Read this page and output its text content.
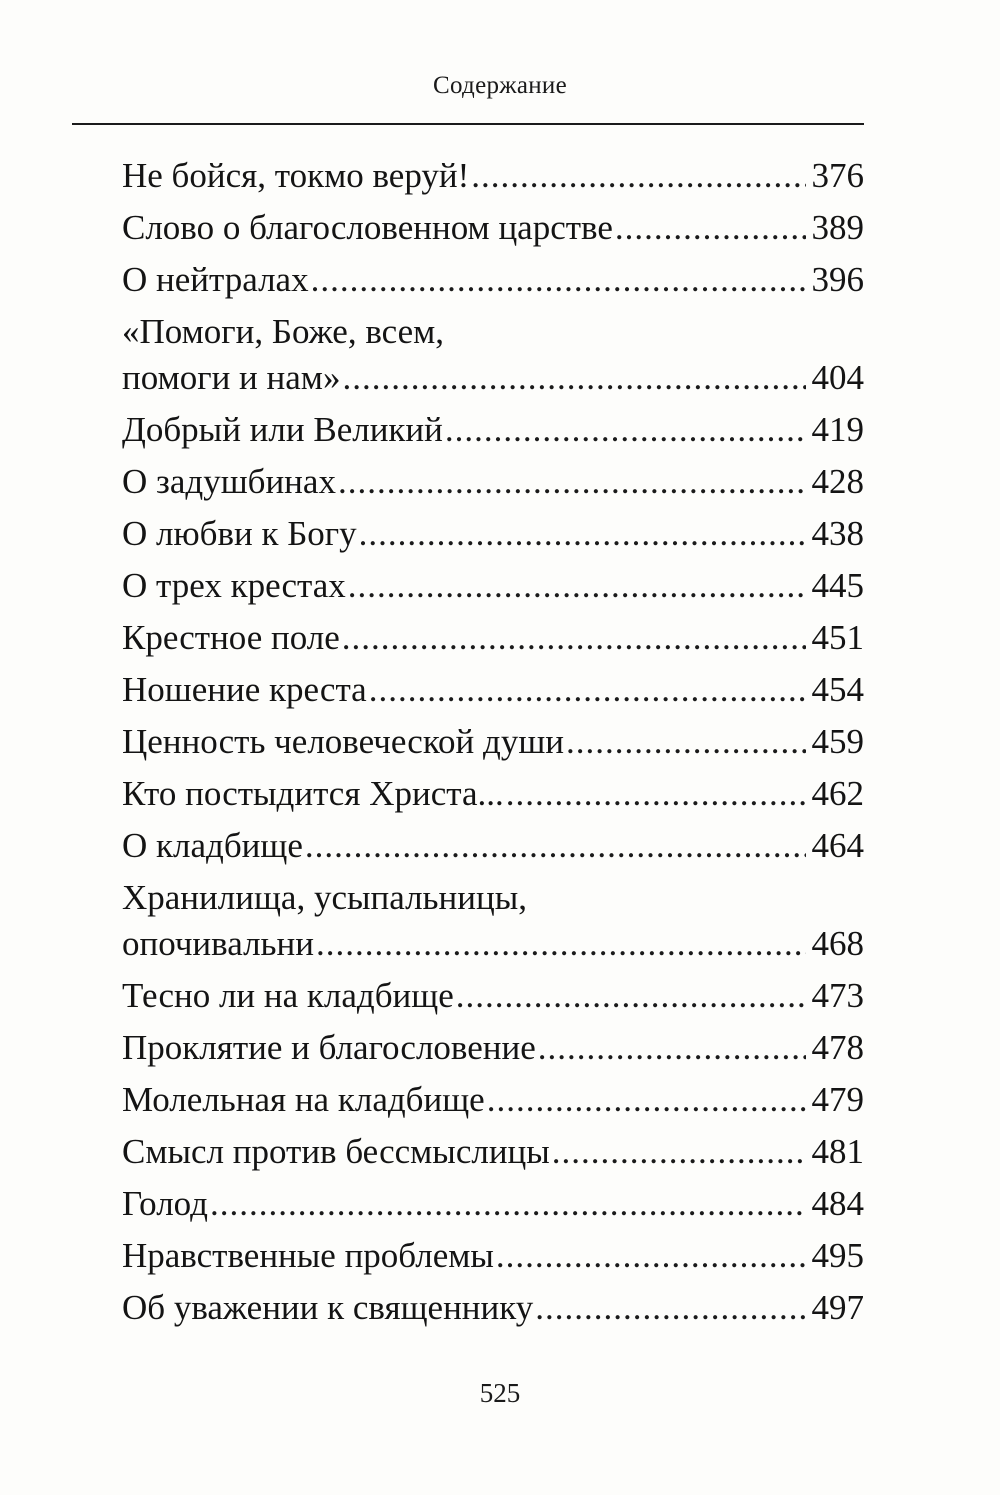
Содержание
Не бойся, токмо веруй! .....	376
Слово о благословенном царстве .....	389
О нейтралах .....	396
«Помоги, Боже, всем,
помоги и нам» .....	404
Добрый или Великий .....	419
О задушбинах .....	428
О любви к Богу .....	438
О трех крестах .....	445
Крестное поле .....	451
Ношение креста .....	454
Ценность человеческой души .....	459
Кто постыдится Христа... .....	462
О кладбище .....	464
Хранилища, усыпальницы,
опочивальни .....	468
Тесно ли на кладбище .....	473
Проклятие и благословение .....	478
Молельная на кладбище .....	479
Смысл против бессмыслицы .....	481
Голод .....	484
Нравственные проблемы .....	495
Об уважении к священнику .....	497
525
